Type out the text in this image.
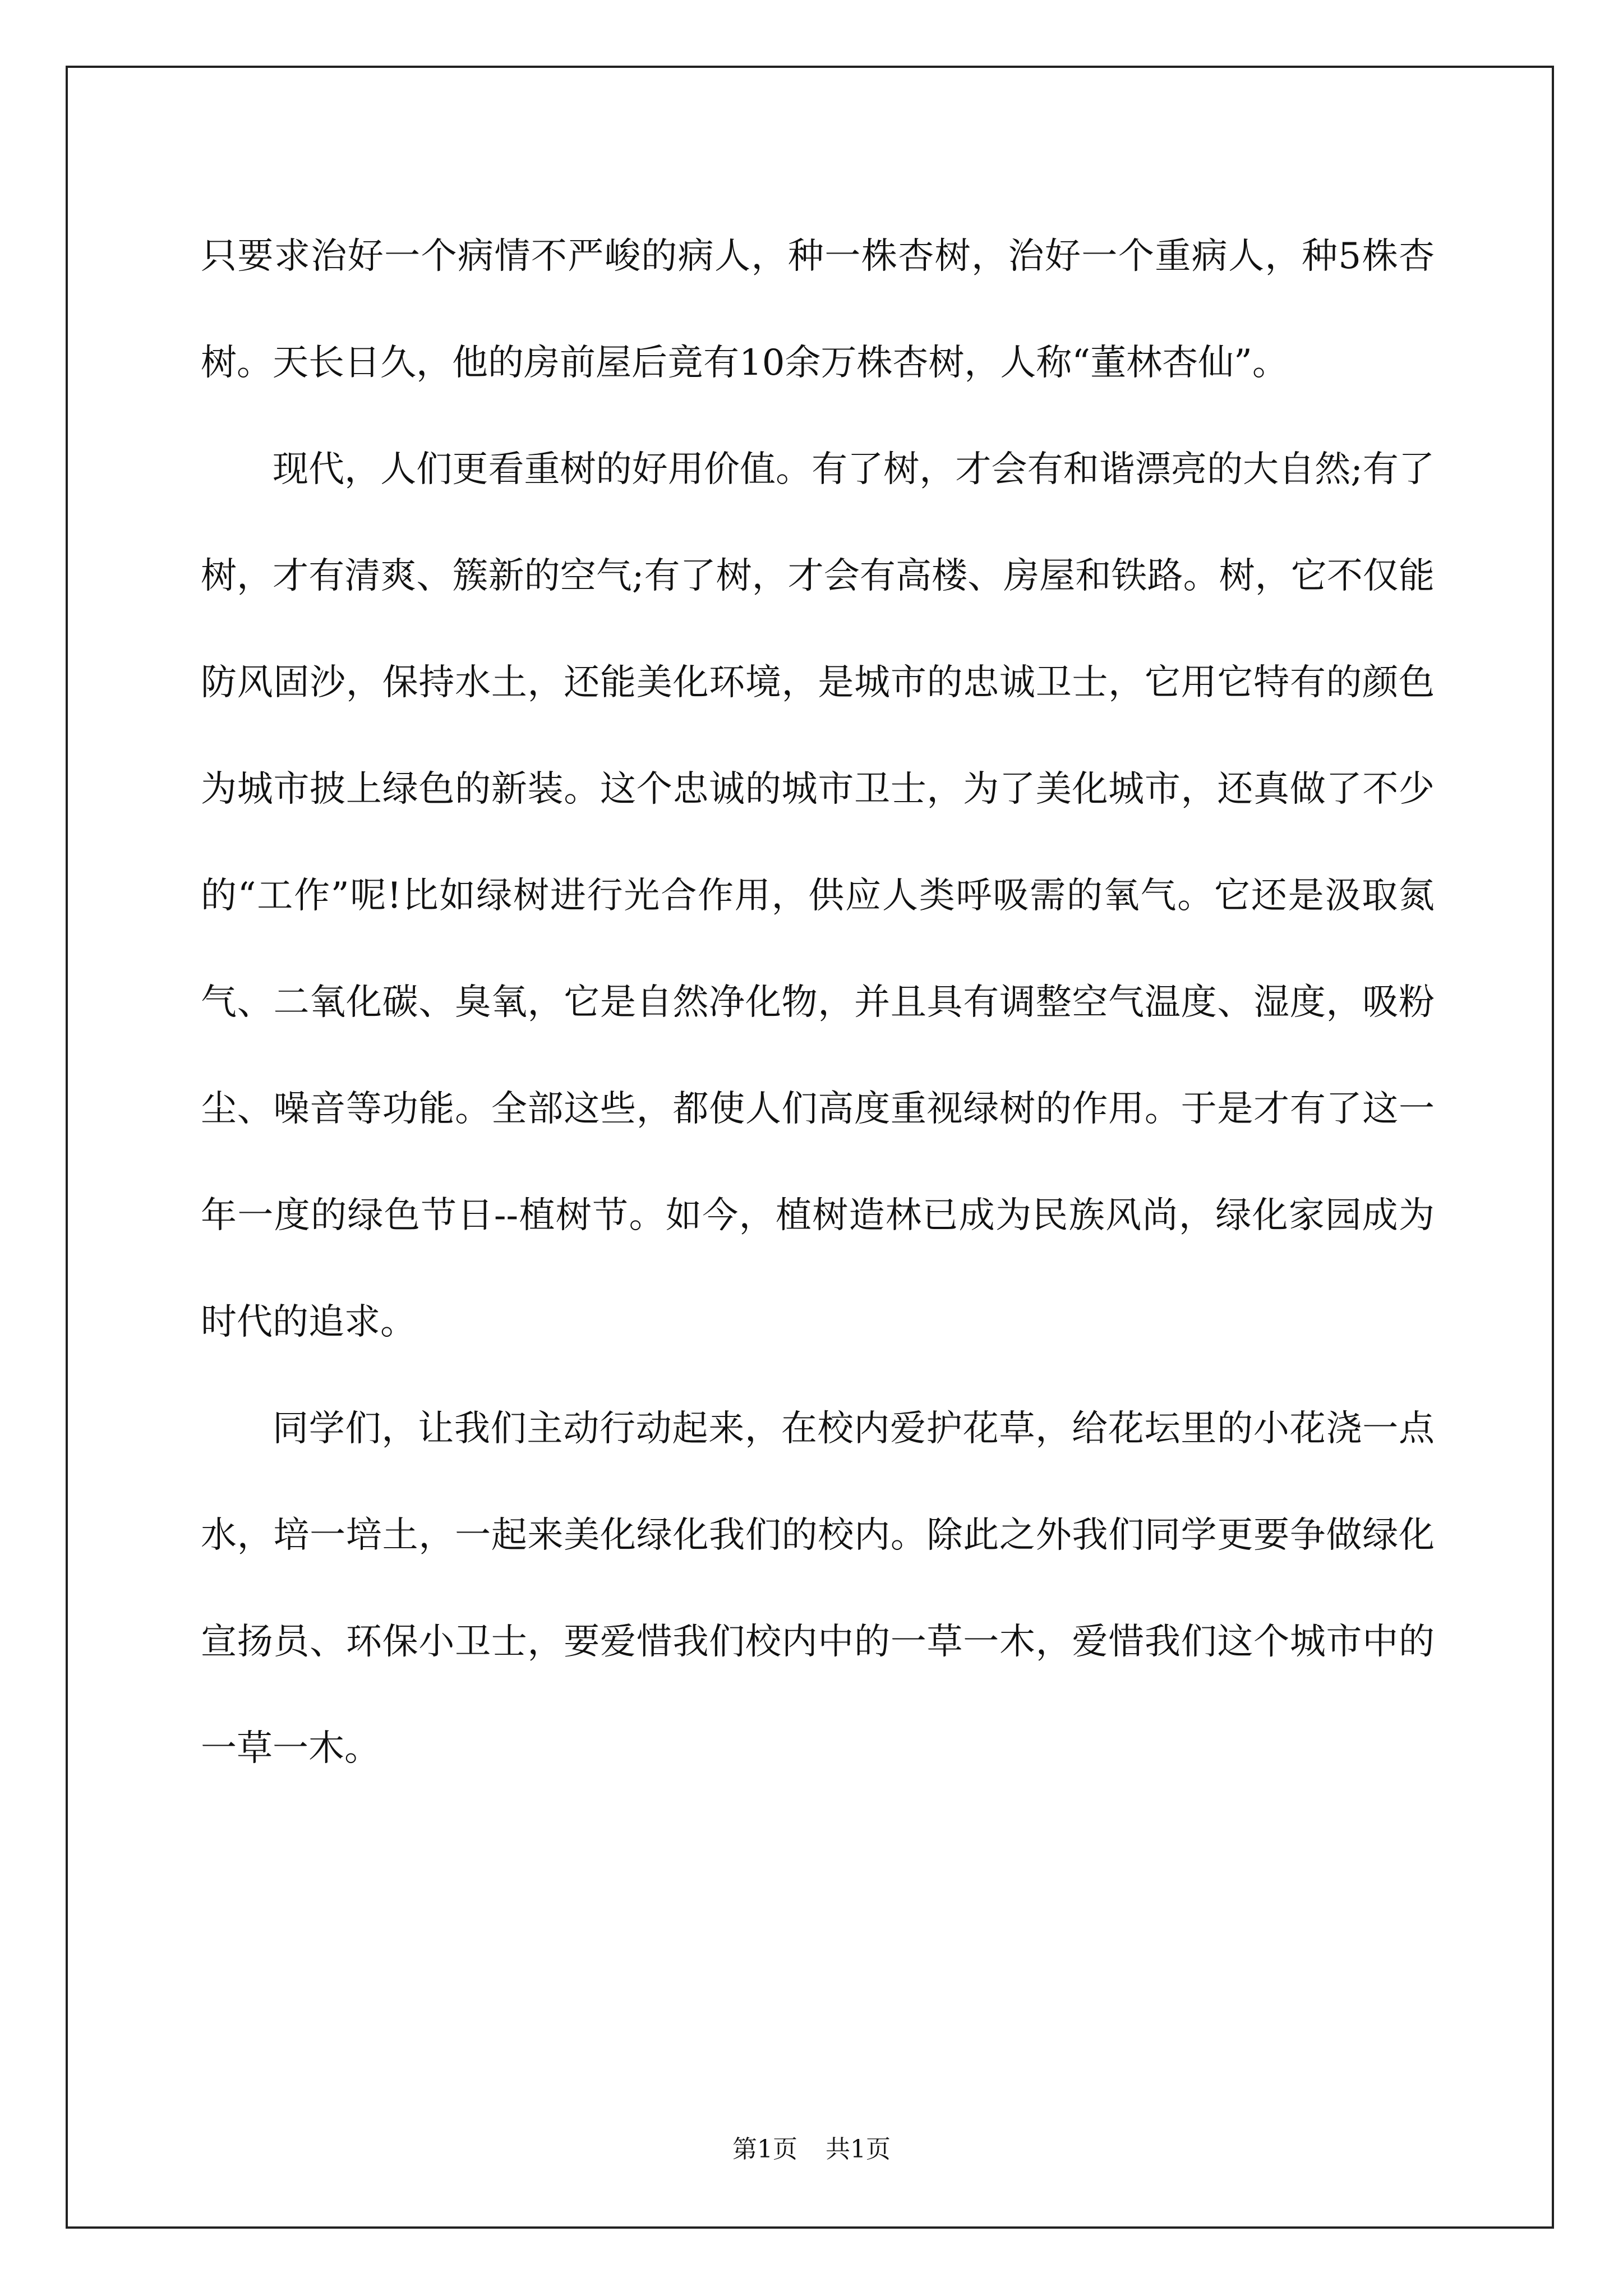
只要求治好一个病情不严峻的病人，种一株杏树，治好一个重病人，种5株杏树。天长日久，他的房前屋后竟有10余万株杏树，人称“董林杏仙”。

现代，人们更看重树的好用价值。有了树，才会有和谐漂亮的大自然;有了树，才有清爽、簇新的空气;有了树，才会有高楼、房屋和铁路。树，它不仅能防风固沙，保持水土，还能美化环境，是城市的忠诚卫士，它用它特有的颜色为城市披上绿色的新装。这个忠诚的城市卫士，为了美化城市，还真做了不少的“工作”呢!比如绿树进行光合作用，供应人类呼吸需的氧气。它还是汲取氮气、二氧化碳、臭氧，它是自然净化物，并且具有调整空气温度、湿度，吸粉尘、噪音等功能。全部这些，都使人们高度重视绿树的作用。于是才有了这一年一度的绿色节日--植树节。如今，植树造林已成为民族风尚，绿化家园成为时代的追求。

同学们，让我们主动行动起来，在校内爱护花草，给花坛里的小花浇一点水，培一培土，一起来美化绿化我们的校内。除此之外我们同学更要争做绿化宣扬员、环保小卫士，要爱惜我们校内中的一草一木，爱惜我们这个城市中的一草一木。

第1页 共1页
